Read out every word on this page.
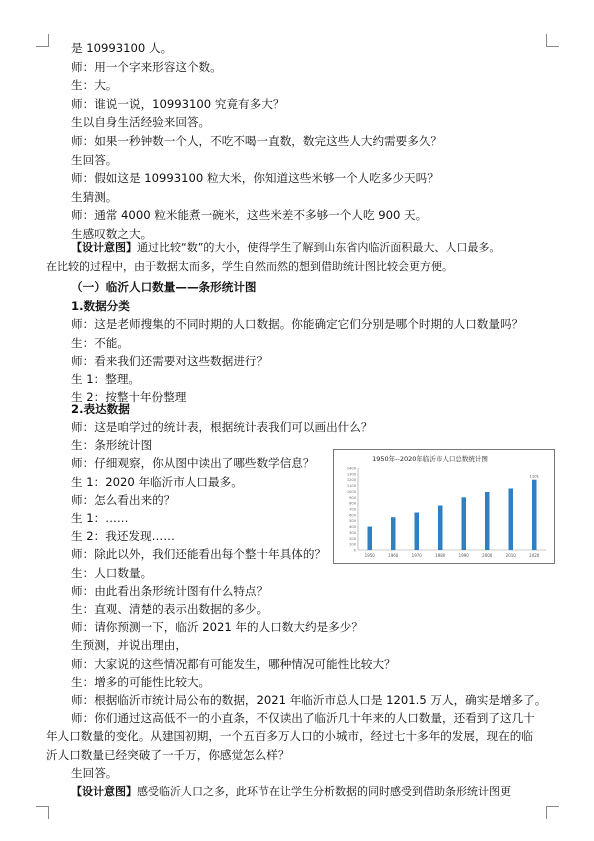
是 10993100 人。
师：用一个字来形容这个数。
生：大。
师：谁说一说，10993100 究竟有多大？
生以自身生活经验来回答。
师：如果一秒钟数一个人，不吃不喝一直数，数完这些人大约需要多久？
生回答。
师：假如这是 10993100 粒大米，你知道这些米够一个人吃多少天吗？
生猜测。
师：通常 4000 粒米能煮一碗米，这些米差不多够一个人吃 900 天。
生感叹数之大。
【设计意图】通过比较“数”的大小，使得学生了解到山东省内临沂面积最大、人口最多。
在比较的过程中，由于数据太而多，学生自然而然的想到借助统计图比较会更方便。
（一）临沂人口数量——条形统计图
1.数据分类
师：这是老师搜集的不同时期的人口数据。你能确定它们分别是哪个时期的人口数量吗？
生：不能。
师：看来我们还需要对这些数据进行？
生 1：整理。
生 2：按整十年份整理
2.表达数据
师：这是咱学过的统计表，根据统计表我们可以画出什么？
生：条形统计图
师：仔细观察，你从图中读出了哪些数学信息？
生 1：2020 年临沂市人口最多。
师：怎么看出来的？
生 1：……
生 2：我还发现……
师：除此以外，我们还能看出每个整十年具体的？
生：人口数量。
师：由此看出条形统计图有什么特点？
生：直观、清楚的表示出数据的多少。
师：请你预测一下，临沂 2021 年的人口数大约是多少？
生预测，并说出理由，
师：大家说的这些情况都有可能发生，哪种情况可能性比较大？
生：增多的可能性比较大。
师：根据临沂市统计局公布的数据，2021 年临沂市总人口是 1201.5 万人，确实是增多了。
师：你们通过这高低不一的小直条，不仅读出了临沂几十年来的人口数量，还看到了这几十
年人口数量的变化。从建国初期，一个五百多万人口的小城市，经过七十多年的发展，现在的临
沂人口数量已经突破了一千万，你感觉怎么样？
生回答。
【设计意图】感受临沂人口之多，此环节在让学生分析数据的同时感受到借助条形统计图更
1950年--2020年临沂市人口总数统计图
0
100
200
300
400
500
600
700
800
900
1000
1100
1200
1300
1400
1950	1960	1970	1980	1990	2000	2010
1101
2020
